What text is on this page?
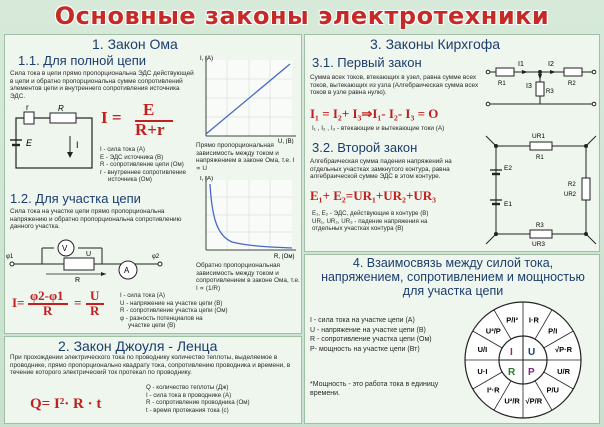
Основные законы электротехники
1. Закон Ома
1.1. Для полной цепи
Сила тока в цепи прямо пропорциональна ЭДС действующей в цепи и обратно пропорциональна сумме сопротивлений элементов цепи и внутреннего сопротивления источника ЭДС.
r	R
E	I
I = E
R+r
I - сила тока (А)
E - ЭДС источника (В)
R - сопротивление цепи (Ом)
r - внутреннее сопротивление
источника (Ом)
I, (A)
U, (B)
Прямо пропорциональная зависимость между током и напряжением в законе Ома, т.е. I ∝ U
1.2. Для участка цепи
Сила тока на участке цепи прямо пропорциональна напряжению и обратно пропорциональна сопротивлению данного участка.
I, (A)
R, (Ом)
Обратно пропорциональная зависимость между током и сопротивлением в законе Ома, т.е. I ∝ (1/R)
V
A
R
U
φ1	φ2
I= φ2-φ1
R
= U
R
I - сила тока (А)
U - напряжение на участке цепи (В)
R - сопротивление участка цепи (Ом)
φ - разность потенциалов на
участке цепи (В)
2. Закон Джоуля - Ленца
При прохождении электрического тока по проводнику количество теплоты, выделяемое в проводнике, прямо пропорционально квадрату тока, сопротивлению проводника и времени, в течение которого электрический ток протекал по проводнику.
Q= I²· R · t
Q - количество теплоты (Дж)
I - сила тока в проводнике (А)
R - сопротивление проводника (Ом)
t - время протекания тока (с)
3. Законы Кирхгофа
3.1. Первый закон
Сумма всех токов, втекающих в узел, равна сумме всех токов, вытекающих из узла (Алгебраическая сумма всех токов в узле равна нулю).
I1	I2
I3
R1	R2
R3
I₁ = I₂+ I₃⇒I₁- I₂- I₃ = O
I₁ , I₂ , I₃ - втекающие и вытекающие токи (А)
3.2. Второй закон
Алгебраическая сумма падения напряжений на отдельных участках замкнутого контура, равна алгебраической сумме ЭДС в этом контуре.
E₁+ E₂=UR₁+UR₂+UR₃
E₁, E₂ - ЭДС, действующие в контуре (В)
UR₁, UR₂, UR₃ - падение напряжения на
отдельных участках контура (В)
UR1
R1
E2
E1
R2
UR2
R3
UR3
4. Взаимосвязь между силой тока, напряжением, сопротивлением и мощностью для участка цепи
I - сила тока на участке цепи (А)
U - напряжение на участке цепи (В)
R - сопротивление участка цепи (Ом)
P- мощность на участке цепи (Вт)
*Мощность - это работа тока в единицу времени.
I·R
P/I
√P·R
U/R
P/U
√P/R
U²/R
I²·R
U·I
U/I
U²/P
P/I²
I U
R P
